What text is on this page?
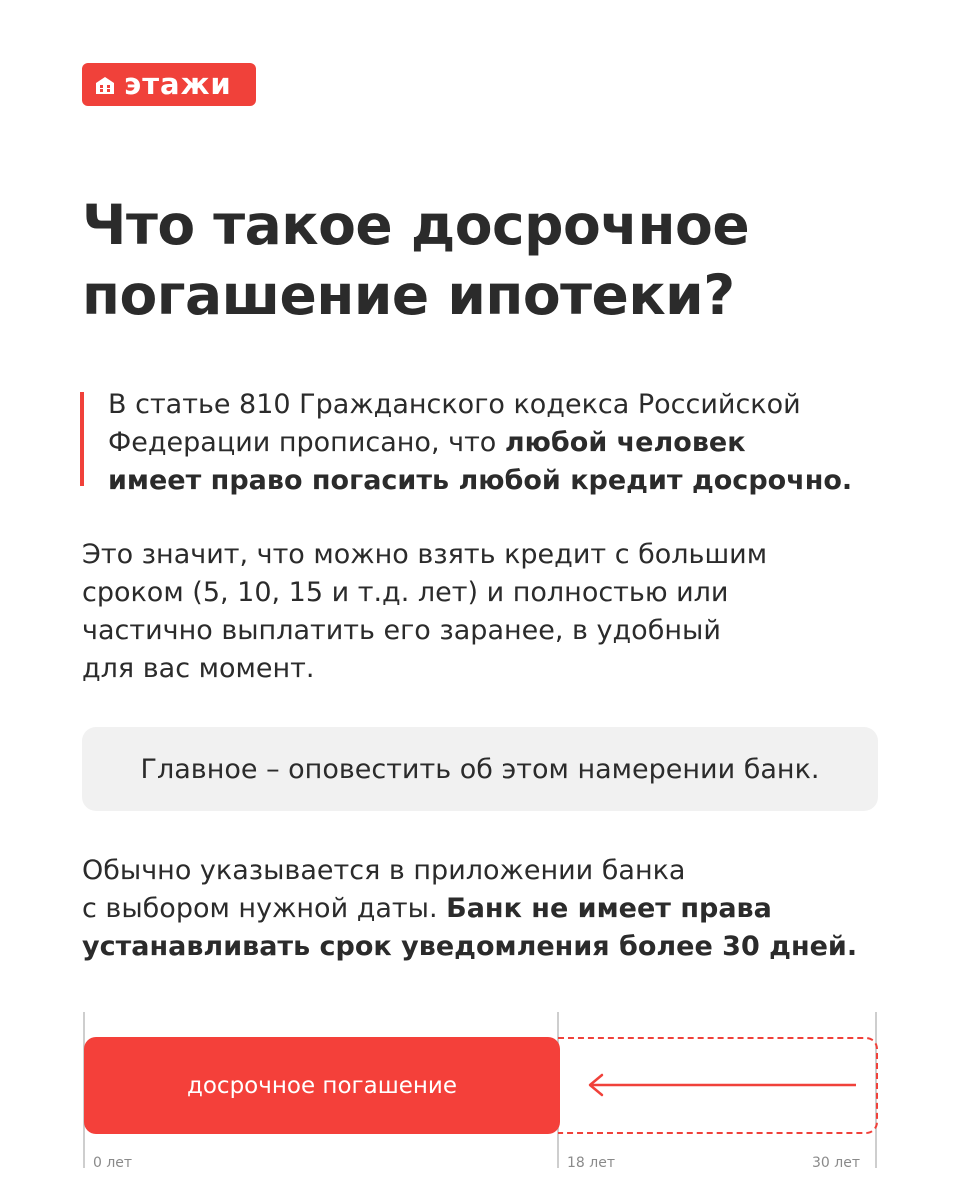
этажи
Что такое досрочное
погашение ипотеки?
В статье 810 Гражданского кодекса Российской
Федерации прописано, что любой человек
имеет право погасить любой кредит досрочно.
Это значит, что можно взять кредит с большим
сроком (5, 10, 15 и т.д. лет) и полностью или
частично выплатить его заранее, в удобный
для вас момент.
Главное – оповестить об этом намерении банк.
Обычно указывается в приложении банка
с выбором нужной даты. Банк не имеет права
устанавливать срок уведомления более 30 дней.
досрочное погашение
0 лет	18 лет	30 лет
